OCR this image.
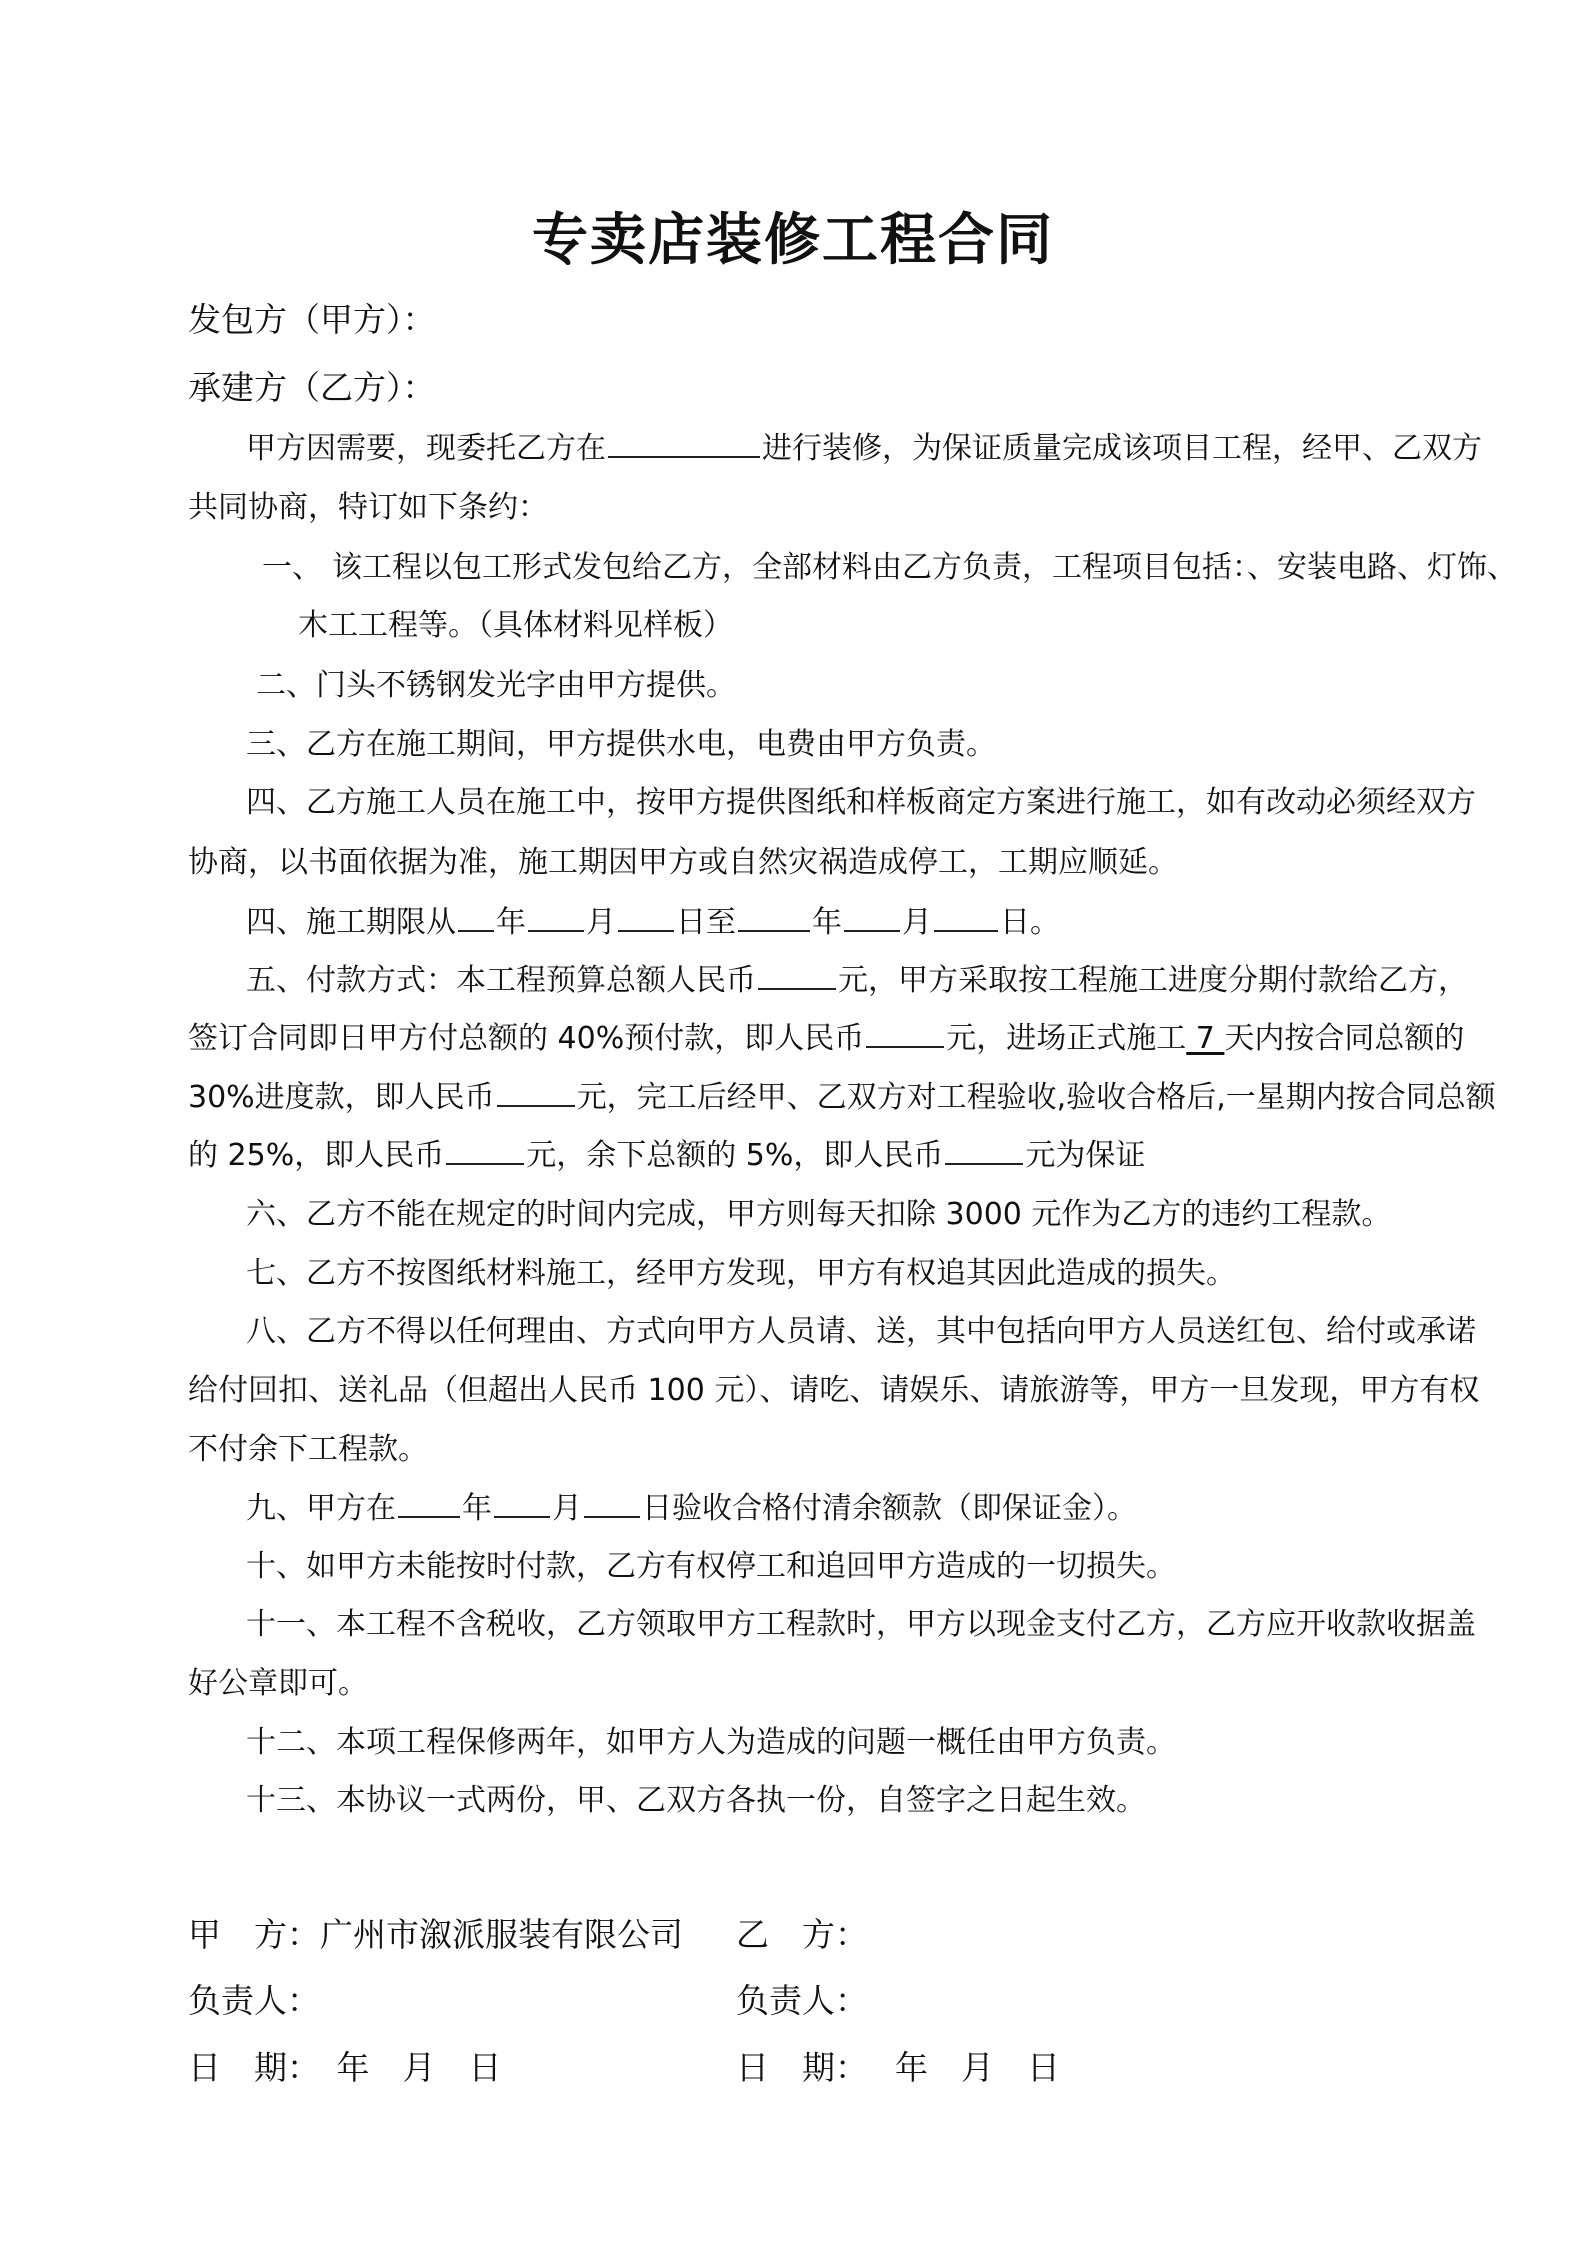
专卖店装修工程合同
发包方（甲方）：
承建方（乙方）：
甲方因需要，现委托乙方在	进行装修，为保证质量完成该项目工程，经甲、乙双方
共同协商，特订如下条约：
一、 该工程以包工形式发包给乙方，全部材料由乙方负责，工程项目包括：、安装电路、灯饰、
木工工程等。（具体材料见样板）
二、门头不锈钢发光字由甲方提供。
三、乙方在施工期间，甲方提供水电，电费由甲方负责。
四、乙方施工人员在施工中，按甲方提供图纸和样板商定方案进行施工，如有改动必须经双方
协商，以书面依据为准，施工期因甲方或自然灾祸造成停工，工期应顺延。
四、施工期限从 年 月 日至	年 月 日。
五、付款方式：本工程预算总额人民币	元，甲方采取按工程施工进度分期付款给乙方，
签订合同即日甲方付总额的 40%预付款，即人民币	元，进场正式施工 7 天内按合同总额的
30%进度款，即人民币	元，完工后经甲、乙双方对工程验收,验收合格后,一星期内按合同总额
的 25%，即人民币	元，余下总额的 5%，即人民币	元为保证
六、乙方不能在规定的时间内完成，甲方则每天扣除 3000 元作为乙方的违约工程款。
七、乙方不按图纸材料施工，经甲方发现，甲方有权追其因此造成的损失。
八、乙方不得以任何理由、方式向甲方人员请、送，其中包括向甲方人员送红包、给付或承诺
给付回扣、送礼品（但超出人民币 100 元）、请吃、请娱乐、请旅游等，甲方一旦发现，甲方有权
不付余下工程款。
九、甲方在 年 月 日验收合格付清余额款（即保证金）。
十、如甲方未能按时付款，乙方有权停工和追回甲方造成的一切损失。
十一、本工程不含税收，乙方领取甲方工程款时，甲方以现金支付乙方，乙方应开收款收据盖
好公章即可。
十二、本项工程保修两年，如甲方人为造成的问题一概任由甲方负责。
十三、本协议一式两份，甲、乙双方各执一份，自签字之日起生效。
甲　方：广州市溆派服装有限公司 乙　方：
负责人：	负责人：
日　期：　年　月　日	日　期：　 年　月　日
